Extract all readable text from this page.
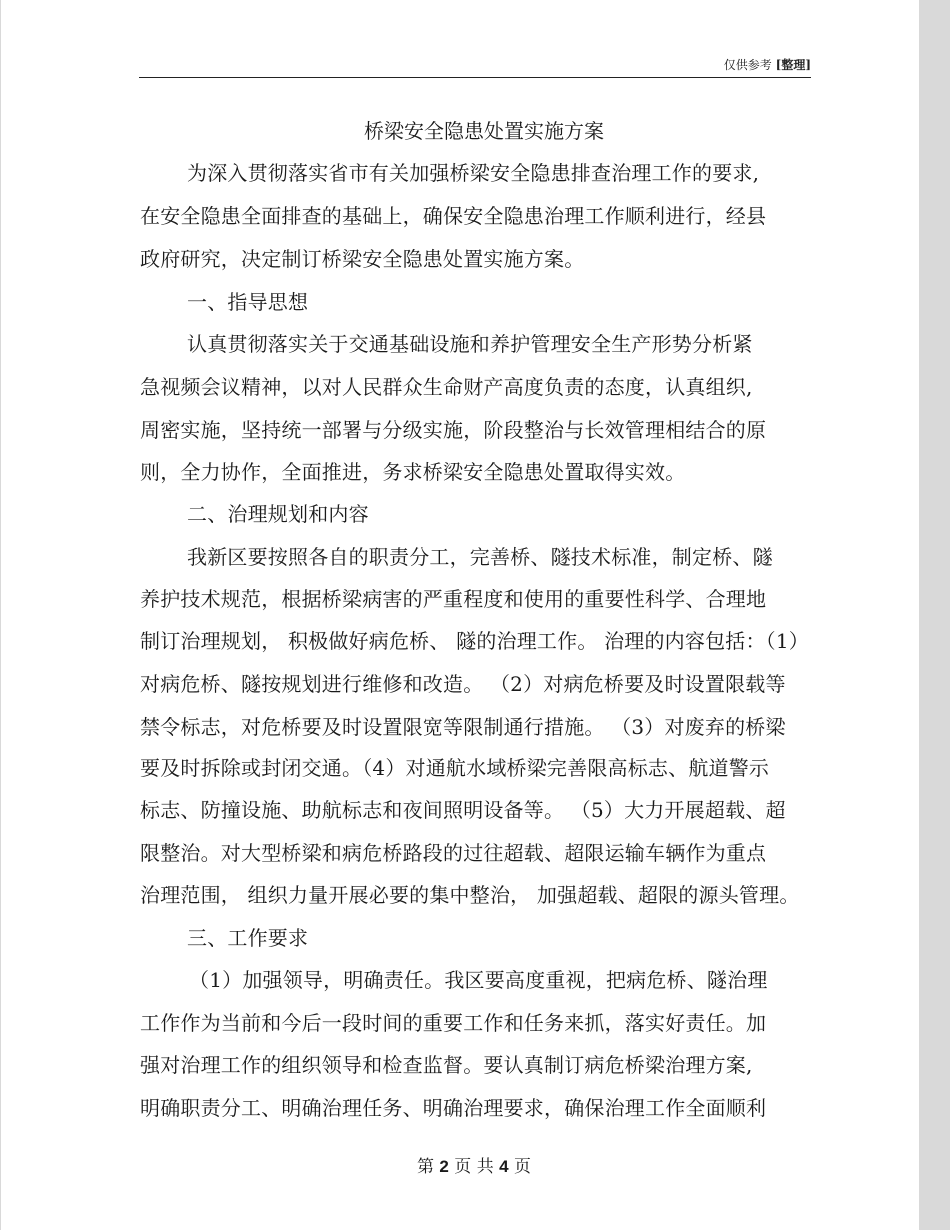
仅供参考 [整理]
桥梁安全隐患处置实施方案
为深入贯彻落实省市有关加强桥梁安全隐患排查治理工作的要求,
在安全隐患全面排查的基础上，确保安全隐患治理工作顺利进行，经县
政府研究，决定制订桥梁安全隐患处置实施方案。
一、指导思想
认真贯彻落实关于交通基础设施和养护管理安全生产形势分析紧
急视频会议精神，以对人民群众生命财产高度负责的态度，认真组织,
周密实施，坚持统一部署与分级实施，阶段整治与长效管理相结合的原
则，全力协作，全面推进，务求桥梁安全隐患处置取得实效。
二、治理规划和内容
我新区要按照各自的职责分工，完善桥、隧技术标准，制定桥、隧
养护技术规范，根据桥梁病害的严重程度和使用的重要性科学、合理地
制订治理规划， 积极做好病危桥、 隧的治理工作。 治理的内容包括：（1）
对病危桥、隧按规划进行维修和改造。 （2）对病危桥要及时设置限载等
禁令标志，对危桥要及时设置限宽等限制通行措施。 （3）对废弃的桥梁
要及时拆除或封闭交通。（4）对通航水域桥梁完善限高标志、航道警示
标志、防撞设施、助航标志和夜间照明设备等。 （5）大力开展超载、超
限整治。对大型桥梁和病危桥路段的过往超载、超限运输车辆作为重点
治理范围， 组织力量开展必要的集中整治， 加强超载、超限的源头管理。
三、工作要求
（1）加强领导，明确责任。我区要高度重视，把病危桥、隧治理
工作作为当前和今后一段时间的重要工作和任务来抓，落实好责任。加
强对治理工作的组织领导和检查监督。要认真制订病危桥梁治理方案,
明确职责分工、明确治理任务、明确治理要求，确保治理工作全面顺利
第 2 页 共 4 页
